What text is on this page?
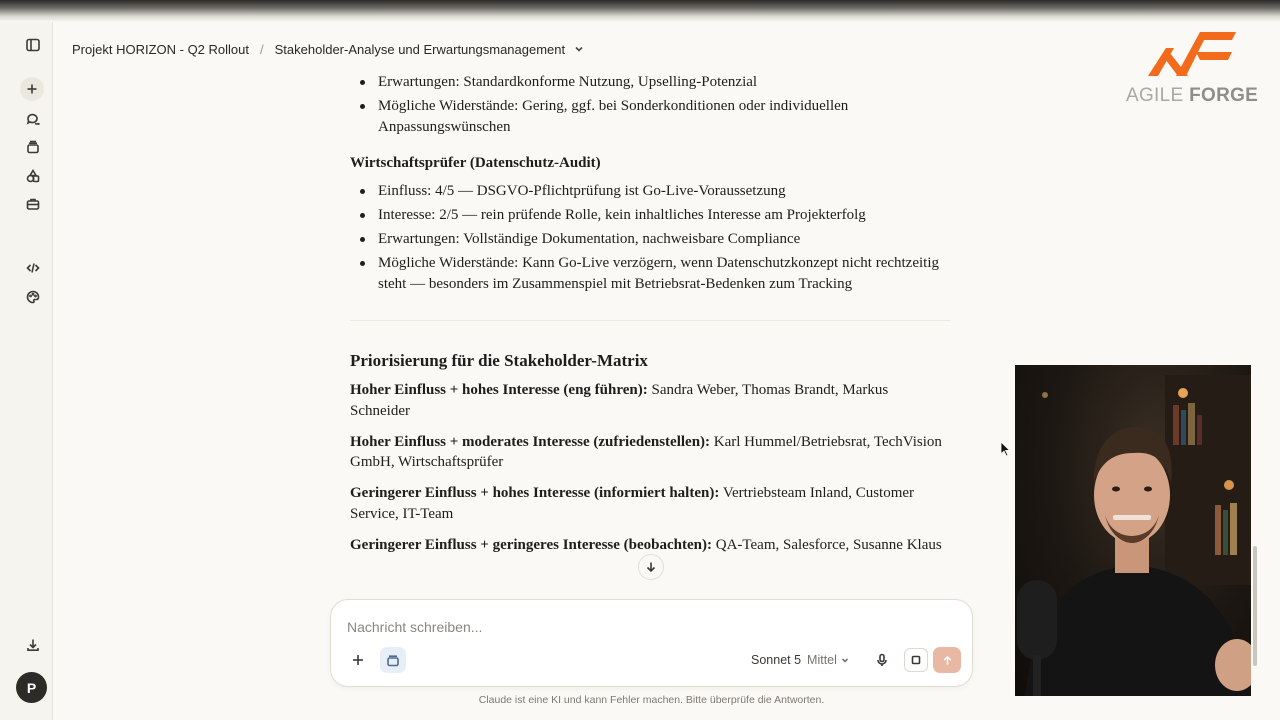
P
Projekt HORIZON - Q2 Rollout / Stakeholder-Analyse und Erwartungsmanagement
AGILE FORGE
Erwartungen: Standardkonforme Nutzung, Upselling-Potenzial
Mögliche Widerstände: Gering, ggf. bei Sonderkonditionen oder individuellen Anpassungswünschen
Wirtschaftsprüfer (Datenschutz-Audit)
Einfluss: 4/5 — DSGVO-Pflichtprüfung ist Go-Live-Voraussetzung
Interesse: 2/5 — rein prüfende Rolle, kein inhaltliches Interesse am Projekterfolg
Erwartungen: Vollständige Dokumentation, nachweisbare Compliance
Mögliche Widerstände: Kann Go-Live verzögern, wenn Datenschutzkonzept nicht rechtzeitig steht — besonders im Zusammenspiel mit Betriebsrat-Bedenken zum Tracking
Priorisierung für die Stakeholder-Matrix

Hoher Einfluss + hohes Interesse (eng führen): Sandra Weber, Thomas Brandt, Markus Schneider

Hoher Einfluss + moderates Interesse (zufriedenstellen): Karl Hummel/Betriebsrat, TechVision GmbH, Wirtschaftsprüfer

Geringerer Einfluss + hohes Interesse (informiert halten): Vertriebsteam Inland, Customer Service, IT-Team

Geringerer Einfluss + geringeres Interesse (beobachten): QA-Team, Salesforce, Susanne Klaus

Nachricht schreiben...
Sonnet 5 Mittel
Claude ist eine KI und kann Fehler machen. Bitte überprüfe die Antworten.
